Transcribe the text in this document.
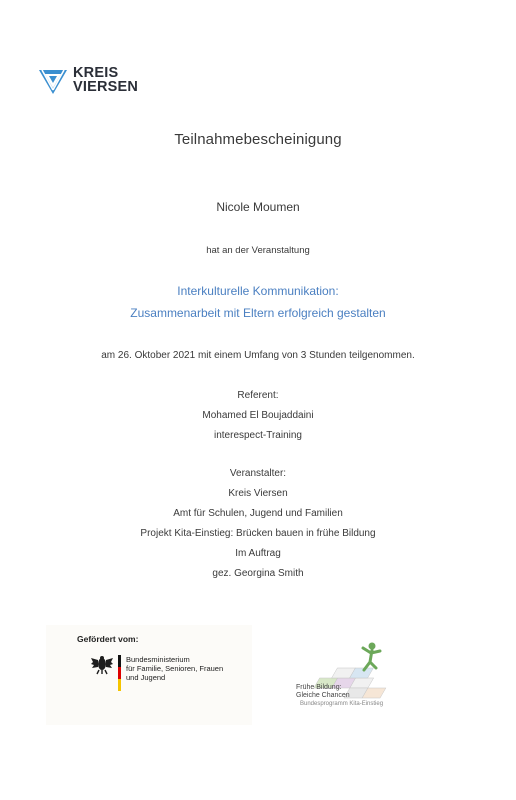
KREIS
VIERSEN
Teilnahmebescheinigung
Nicole Moumen
hat an der Veranstaltung
Interkulturelle Kommunikation:
Zusammenarbeit mit Eltern erfolgreich gestalten
am 26. Oktober 2021 mit einem Umfang von 3 Stunden teilgenommen.
Referent:
Mohamed El Boujaddaini
interespect-Training
Veranstalter:
Kreis Viersen
Amt für Schulen, Jugend und Familien
Projekt Kita-Einstieg: Brücken bauen in frühe Bildung
Im Auftrag
gez. Georgina Smith
Gefördert vom:
Bundesministerium
für Familie, Senioren, Frauen
und Jugend
Frühe Bildung:
Gleiche Chancen
Bundesprogramm Kita-Einstieg
